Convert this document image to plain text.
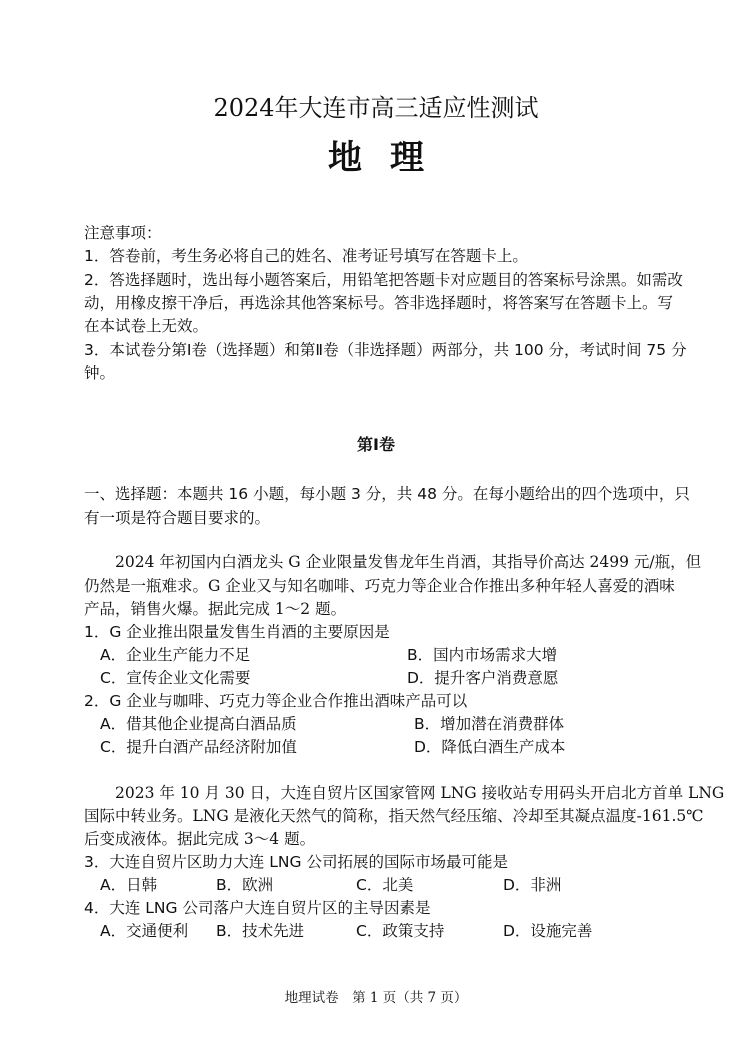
2024年大连市高三适应性测试
地理
注意事项：
1．答卷前，考生务必将自己的姓名、准考证号填写在答题卡上。
2．答选择题时，选出每小题答案后，用铅笔把答题卡对应题目的答案标号涂黑。如需改
动，用橡皮擦干净后，再选涂其他答案标号。答非选择题时，将答案写在答题卡上。写
在本试卷上无效。
3．本试卷分第Ⅰ卷（选择题）和第Ⅱ卷（非选择题）两部分，共 100 分，考试时间 75 分
钟。
第Ⅰ卷
一、选择题：本题共 16 小题，每小题 3 分，共 48 分。在每小题给出的四个选项中，只
有一项是符合题目要求的。
2024 年初国内白酒龙头 G 企业限量发售龙年生肖酒，其指导价高达 2499 元/瓶，但
仍然是一瓶难求。G 企业又与知名咖啡、巧克力等企业合作推出多种年轻人喜爱的酒味
产品，销售火爆。据此完成 1～2 题。
1．G 企业推出限量发售生肖酒的主要原因是
A．企业生产能力不足	B．国内市场需求大增
C．宣传企业文化需要	D．提升客户消费意愿
2．G 企业与咖啡、巧克力等企业合作推出酒味产品可以
A．借其他企业提高白酒品质	B．增加潜在消费群体
C．提升白酒产品经济附加值	D．降低白酒生产成本
2023 年 10 月 30 日，大连自贸片区国家管网 LNG 接收站专用码头开启北方首单 LNG
国际中转业务。LNG 是液化天然气的简称，指天然气经压缩、冷却至其凝点温度-161.5℃
后变成液体。据此完成 3～4 题。
3．大连自贸片区助力大连 LNG 公司拓展的国际市场最可能是
A．日韩	B．欧洲	C．北美	D．非洲
4．大连 LNG 公司落户大连自贸片区的主导因素是
A．交通便利 B．技术先进	C．政策支持	D．设施完善
地理试卷　第 1 页（共 7 页）
